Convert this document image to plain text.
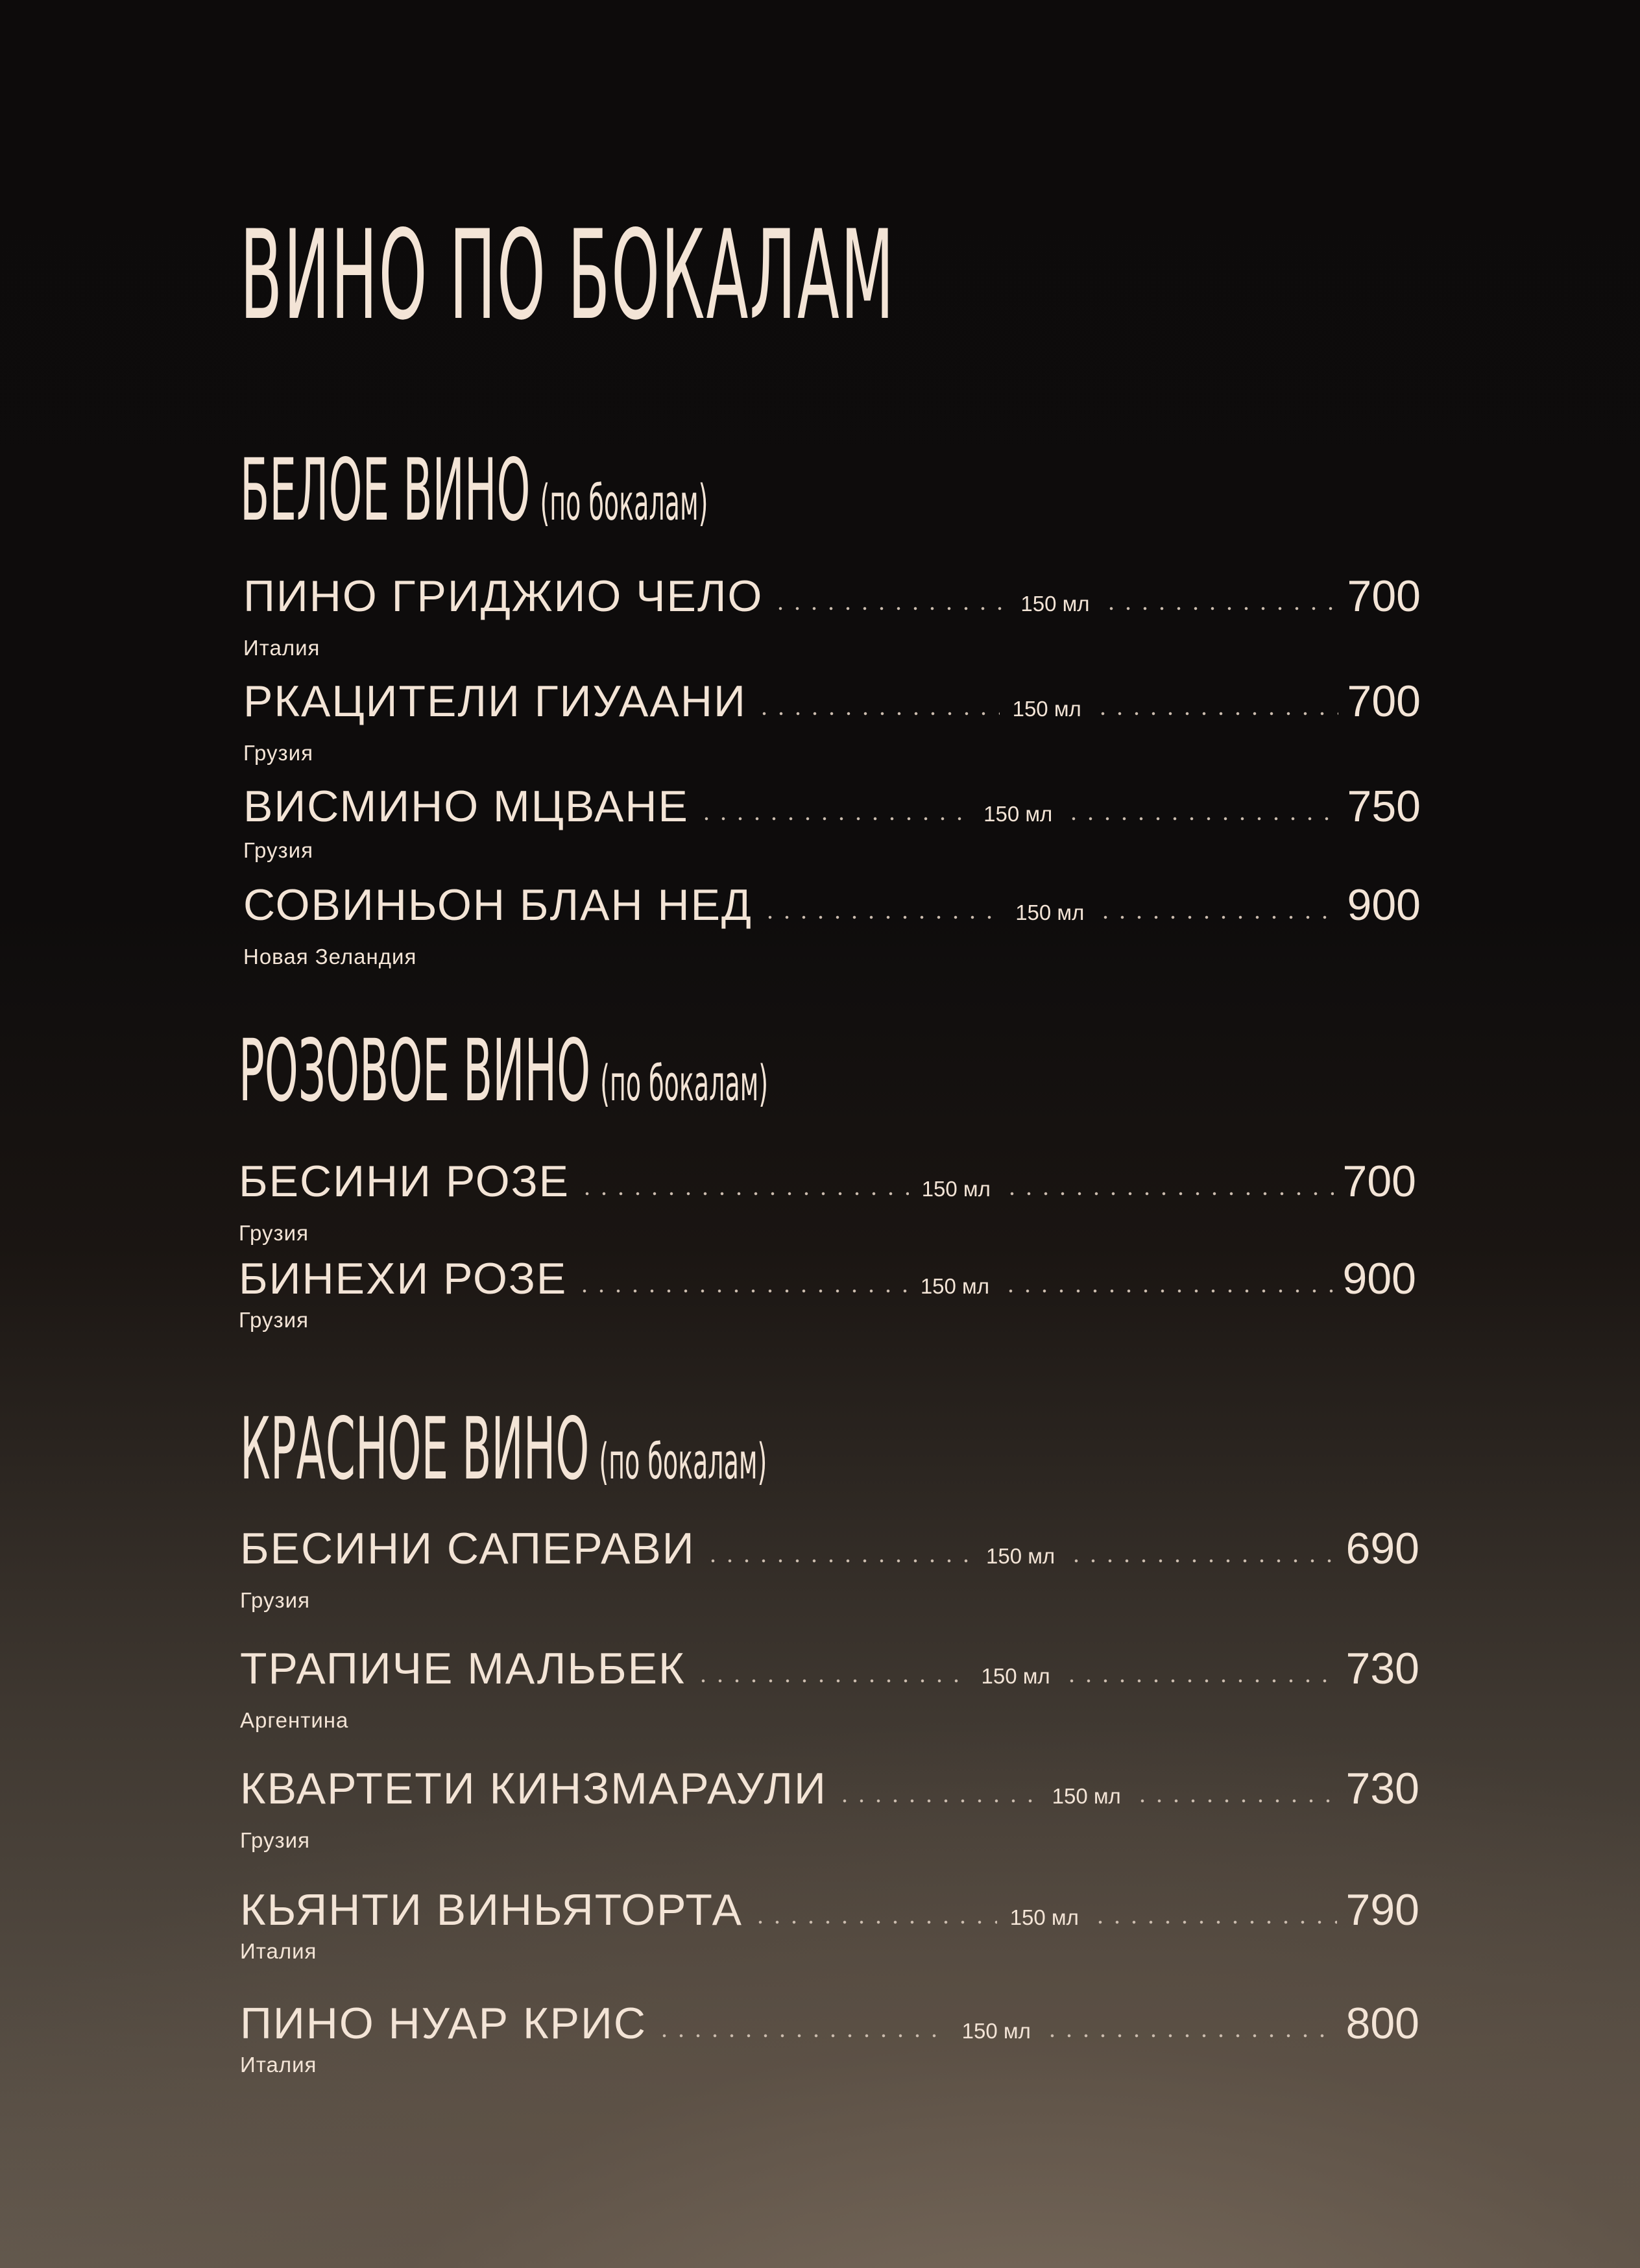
ВИНО ПО БОКАЛАМ
БЕЛОЕ ВИНО (по бокалам)
ПИНО ГРИДЖИО ЧЕЛО	150 мл	700
Италия
РКАЦИТЕЛИ ГИУААНИ	150 мл	700
Грузия
ВИСМИНО МЦВАНЕ	150 мл	750
Грузия
СОВИНЬОН БЛАН НЕД	150 мл	900
Новая Зеландия
РОЗОВОЕ ВИНО (по бокалам)
БЕСИНИ РОЗЕ	150 мл	700
Грузия
БИНЕХИ РОЗЕ	150 мл	900
Грузия
КРАСНОЕ ВИНО (по бокалам)
БЕСИНИ САПЕРАВИ	150 мл	690
Грузия
ТРАПИЧЕ МАЛЬБЕК	150 мл	730
Аргентина
КВАРТЕТИ КИНЗМАРАУЛИ	150 мл	730
Грузия
КЬЯНТИ ВИНЬЯТОРТА	150 мл	790
Италия
ПИНО НУАР КРИС	150 мл	800
Италия
